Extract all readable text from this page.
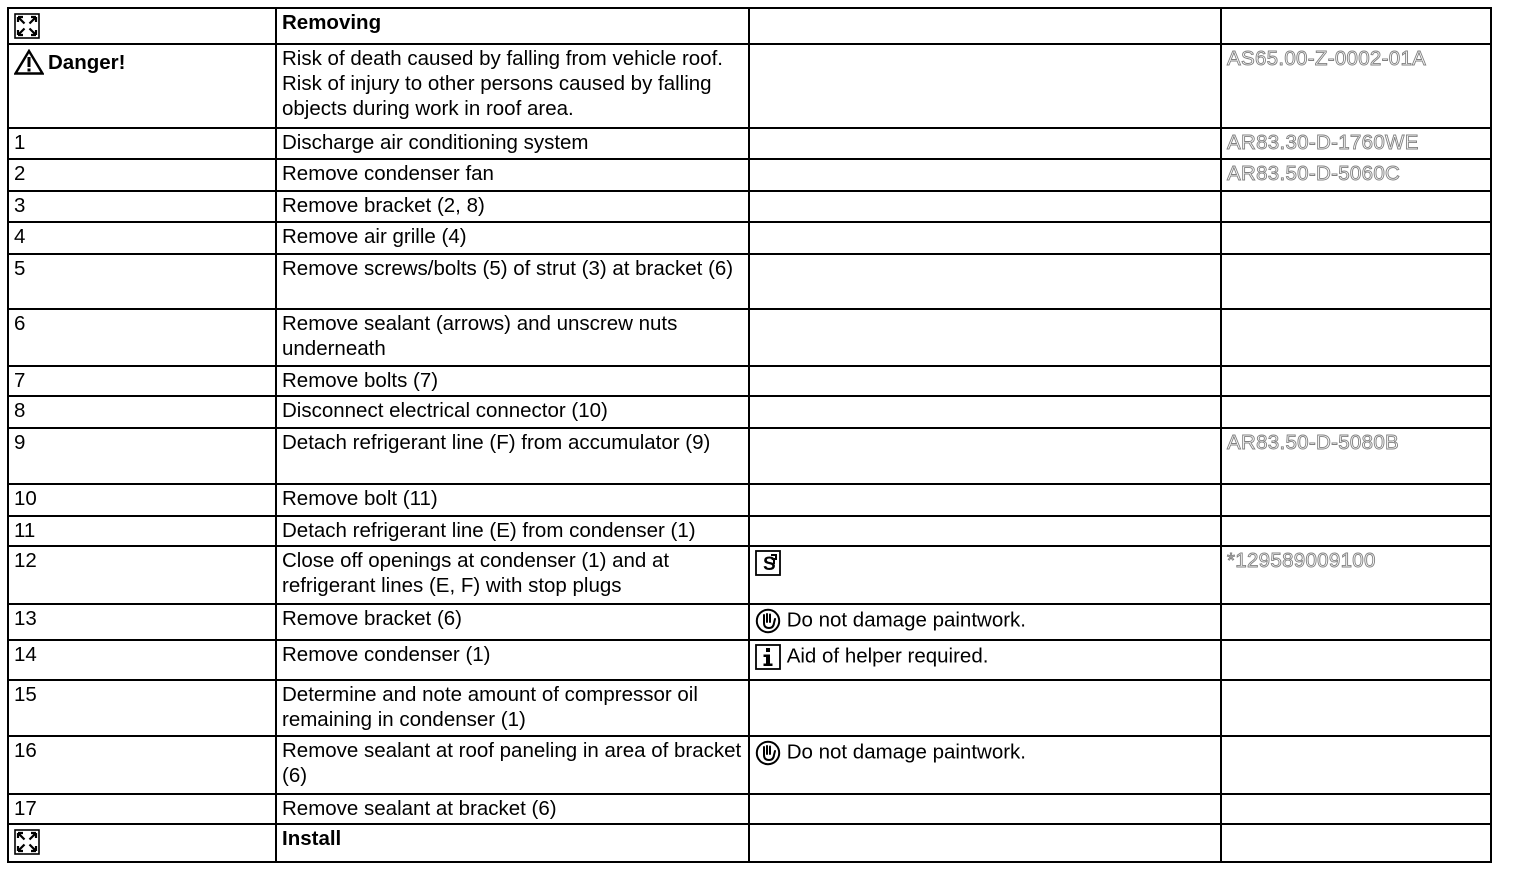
	Removing		

Danger!	Risk of death caused by falling from vehicle roof. Risk of injury to other persons caused by falling objects during work in roof area.		AS65.00-Z-0002-01A
1	Discharge air conditioning system		AR83.30-D-1760WE
2	Remove condenser fan		AR83.50-D-5060C
3	Remove bracket (2, 8)		
4	Remove air grille (4)		
5	Remove screws/bolts (5) of strut (3) at bracket (6)		
6	Remove sealant (arrows) and unscrew nuts underneath		
7	Remove bolts (7)		
8	Disconnect electrical connector (10)		
9	Detach refrigerant line (F) from accumulator (9)		AR83.50-D-5080B
10	Remove bolt (11)		
11	Detach refrigerant line (E) from condenser (1)		
12	Close off openings at condenser (1) and at refrigerant lines (E, F) with stop plugs	S	*129589009100
13	Remove bracket (6)	Do not damage paintwork.	
14	Remove condenser (1)	Aid of helper required.	
15	Determine and note amount of compressor oil remaining in condenser (1)		
16	Remove sealant at roof paneling in area of bracket (6)	Do not damage paintwork.	
17	Remove sealant at bracket (6)		
	Install		
